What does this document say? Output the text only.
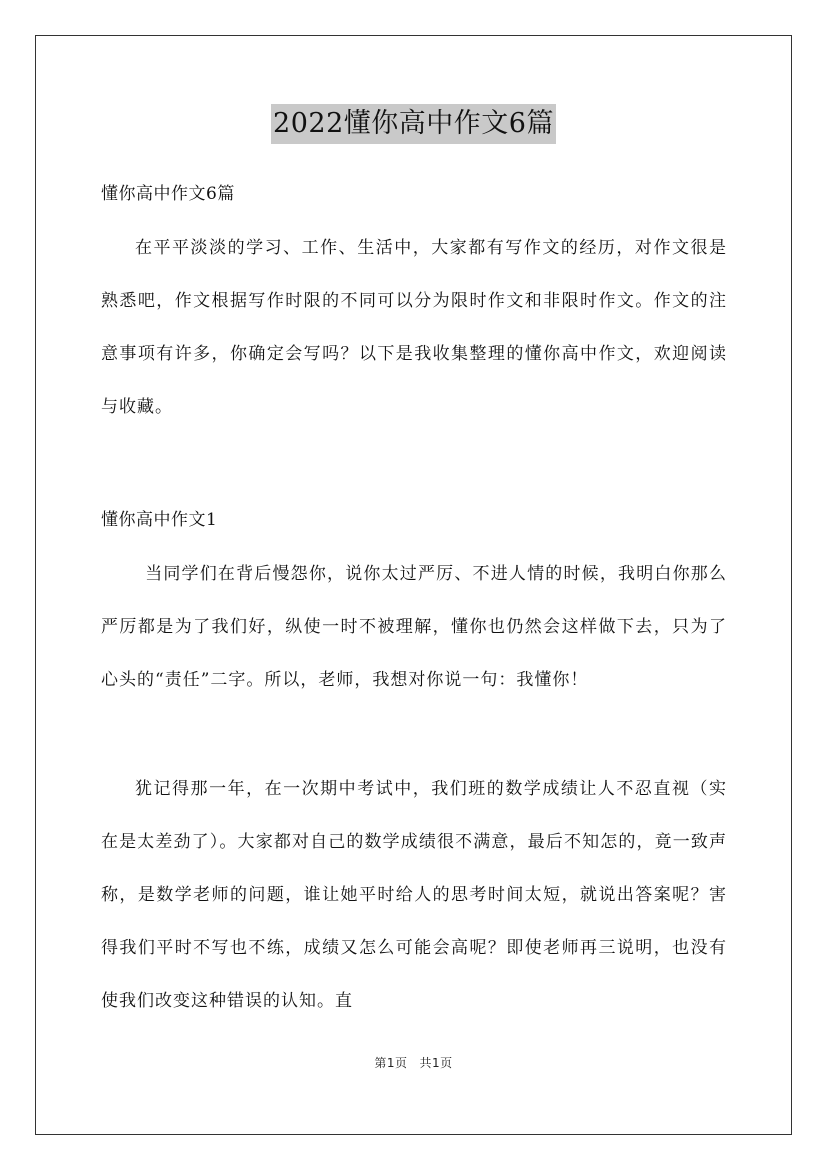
2022懂你高中作文6篇
懂你高中作文6篇
在平平淡淡的学习、工作、生活中，大家都有写作文的经历，对作文很是熟悉吧，作文根据写作时限的不同可以分为限时作文和非限时作文。作文的注意事项有许多，你确定会写吗？以下是我收集整理的懂你高中作文，欢迎阅读与收藏。
懂你高中作文1
当同学们在背后慢怨你，说你太过严厉、不进人情的时候，我明白你那么严厉都是为了我们好，纵使一时不被理解，懂你也仍然会这样做下去，只为了心头的“责任”二字。所以，老师，我想对你说一句：我懂你！
犹记得那一年，在一次期中考试中，我们班的数学成绩让人不忍直视（实在是太差劲了）。大家都对自己的数学成绩很不满意，最后不知怎的，竟一致声称，是数学老师的问题，谁让她平时给人的思考时间太短，就说出答案呢？害得我们平时不写也不练，成绩又怎么可能会高呢？即使老师再三说明，也没有使我们改变这种错误的认知。直
第1页 共1页
